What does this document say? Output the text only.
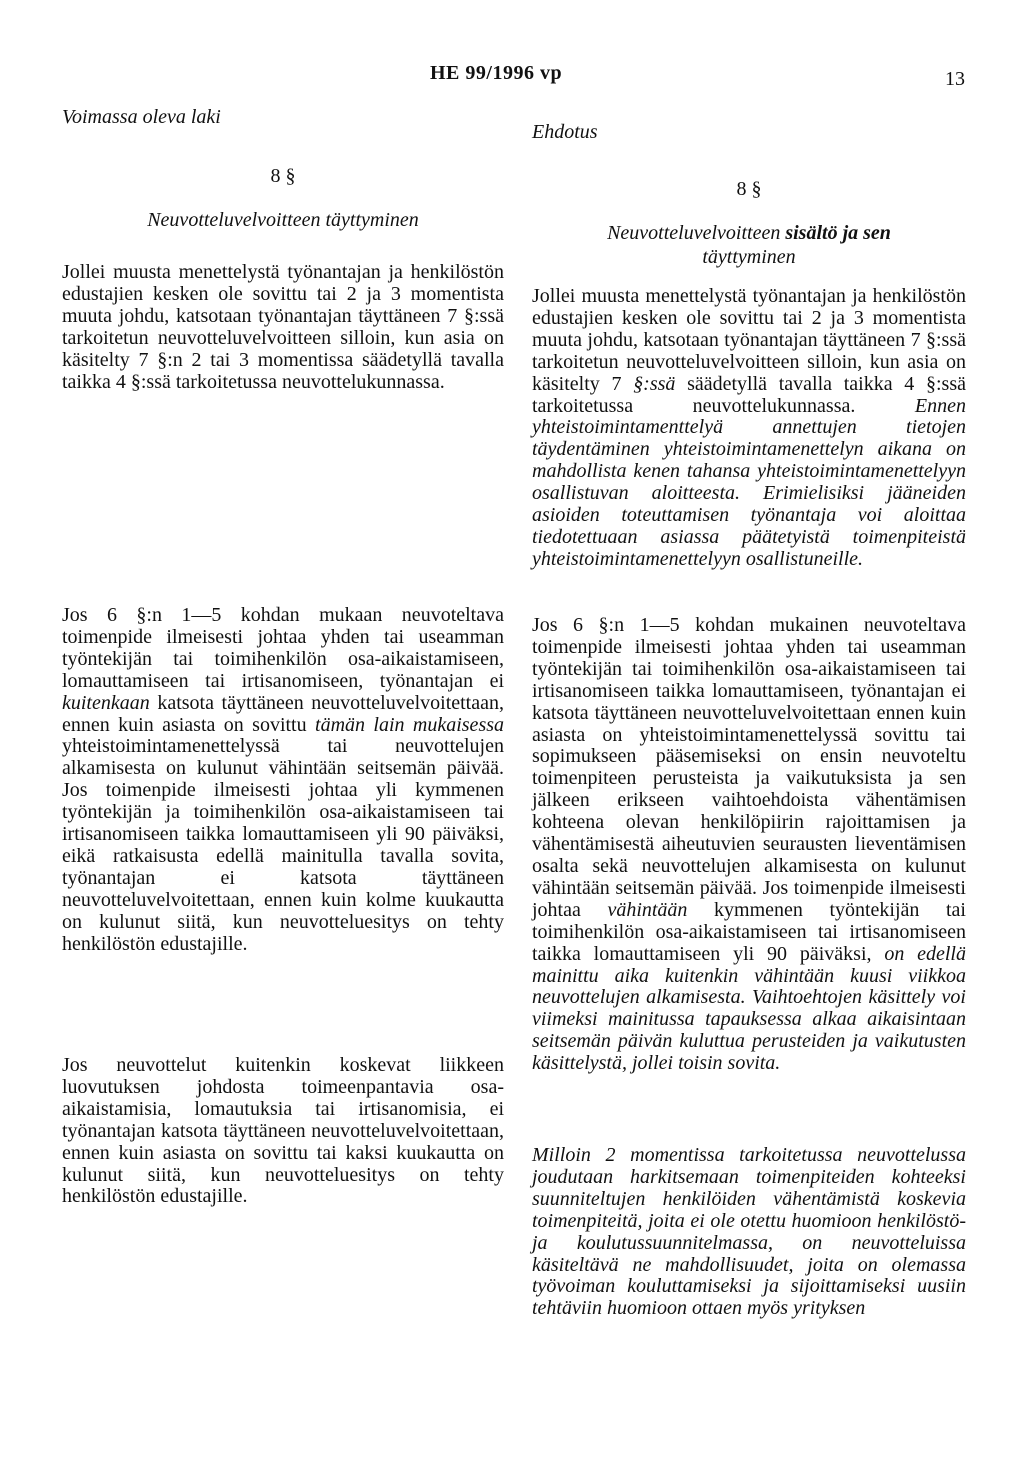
HE 99/1996 vp	13
Voimassa oleva laki
8 §
Neuvotteluvelvoitteen täyttyminen

Jollei muusta menettelystä työnantajan ja henkilöstön edustajien kesken ole sovittu tai 2 ja 3 momentista muuta johdu, katsotaan työnantajan täyttäneen 7 §:ssä tarkoitetun neuvotteluvelvoitteen silloin, kun asia on käsitelty 7 §:n 2 tai 3 momentissa säädetyllä tavalla taikka 4 §:ssä tarkoitetussa neuvottelukunnassa.

Jos 6 §:n 1—5 kohdan mukaan neuvoteltava toimenpide ilmeisesti johtaa yhden tai useamman työntekijän tai toimihenkilön osa-aikaistamiseen, lomauttamiseen tai irtisanomiseen, työnantajan ei kuitenkaan katsota täyttäneen neuvotteluvelvoitettaan, ennen kuin asiasta on sovittu tämän lain mukaisessa yhteistoimintamenettelyssä tai neuvottelujen alkamisesta on kulunut vähintään seitsemän päivää. Jos toimenpide ilmeisesti johtaa yli kymmenen työntekijän ja toimihenkilön osa-aikaistamiseen tai irtisanomiseen taikka lomauttamiseen yli 90 päiväksi, eikä ratkaisusta edellä mainitulla tavalla sovita, työnantajan ei katsota täyttäneen neuvotteluvelvoitettaan, ennen kuin kolme kuukautta on kulunut siitä, kun neuvotteluesitys on tehty henkilöstön edustajille.

Jos neuvottelut kuitenkin koskevat liikkeen luovutuksen johdosta toimeenpantavia osa-aikaistamisia, lomautuksia tai irtisanomisia, ei työnantajan katsota täyttäneen neuvotteluvelvoitettaan, ennen kuin asiasta on sovittu tai kaksi kuukautta on kulunut siitä, kun neuvotteluesitys on tehty henkilöstön edustajille.

Ehdotus
8 §
Neuvotteluvelvoitteen sisältö ja sen
täyttyminen

Jollei muusta menettelystä työnantajan ja henkilöstön edustajien kesken ole sovittu tai 2 ja 3 momentista muuta johdu, katsotaan työnantajan täyttäneen 7 §:ssä tarkoitetun neuvotteluvelvoitteen silloin, kun asia on käsitelty 7 §:ssä säädetyllä tavalla taikka 4 §:ssä tarkoitetussa neuvottelukunnassa. Ennen yhteistoimintamenttelyä annettujen tietojen täydentäminen yhteistoimintamenettelyn aikana on mahdollista kenen tahansa yhteistoimintamenettelyyn osallistuvan aloitteesta. Erimielisiksi jääneiden asioiden toteuttamisen työnantaja voi aloittaa tiedotettuaan asiassa päätetyistä toimenpiteistä yhteistoimintamenettelyyn osallistuneille.

Jos 6 §:n 1—5 kohdan mukainen neuvoteltava toimenpide ilmeisesti johtaa yhden tai useamman työntekijän tai toimihenkilön osa-aikaistamiseen tai irtisanomiseen taikka lomauttamiseen, työnantajan ei katsota täyttäneen neuvotteluvelvoitettaan ennen kuin asiasta on yhteistoimintamenettelyssä sovittu tai sopimukseen pääsemiseksi on ensin neuvoteltu toimenpiteen perusteista ja vaikutuksista ja sen jälkeen erikseen vaihtoehdoista vähentämisen kohteena olevan henkilöpiirin rajoittamisen ja vähentämisestä aiheutuvien seurausten lieventämisen osalta sekä neuvottelujen alkamisesta on kulunut vähintään seitsemän päivää. Jos toimenpide ilmeisesti johtaa vähintään kymmenen työntekijän tai toimihenkilön osa-aikaistamiseen tai irtisanomiseen taikka lomauttamiseen yli 90 päiväksi, on edellä mainittu aika kuitenkin vähintään kuusi viikkoa neuvottelujen alkamisesta. Vaihtoehtojen käsittely voi viimeksi mainitussa tapauksessa alkaa aikaisintaan seitsemän päivän kuluttua perusteiden ja vaikutusten käsittelystä, jollei toisin sovita.

Milloin 2 momentissa tarkoitetussa neuvottelussa joudutaan harkitsemaan toimenpiteiden kohteeksi suunniteltujen henkilöiden vähentämistä koskevia toimenpiteitä, joita ei ole otettu huomioon henkilöstö- ja koulutussuunnitelmassa, on neuvotteluissa käsiteltävä ne mahdollisuudet, joita on olemassa työvoiman kouluttamiseksi ja sijoittamiseksi uusiin tehtäviin huomioon ottaen myös yrityksen
